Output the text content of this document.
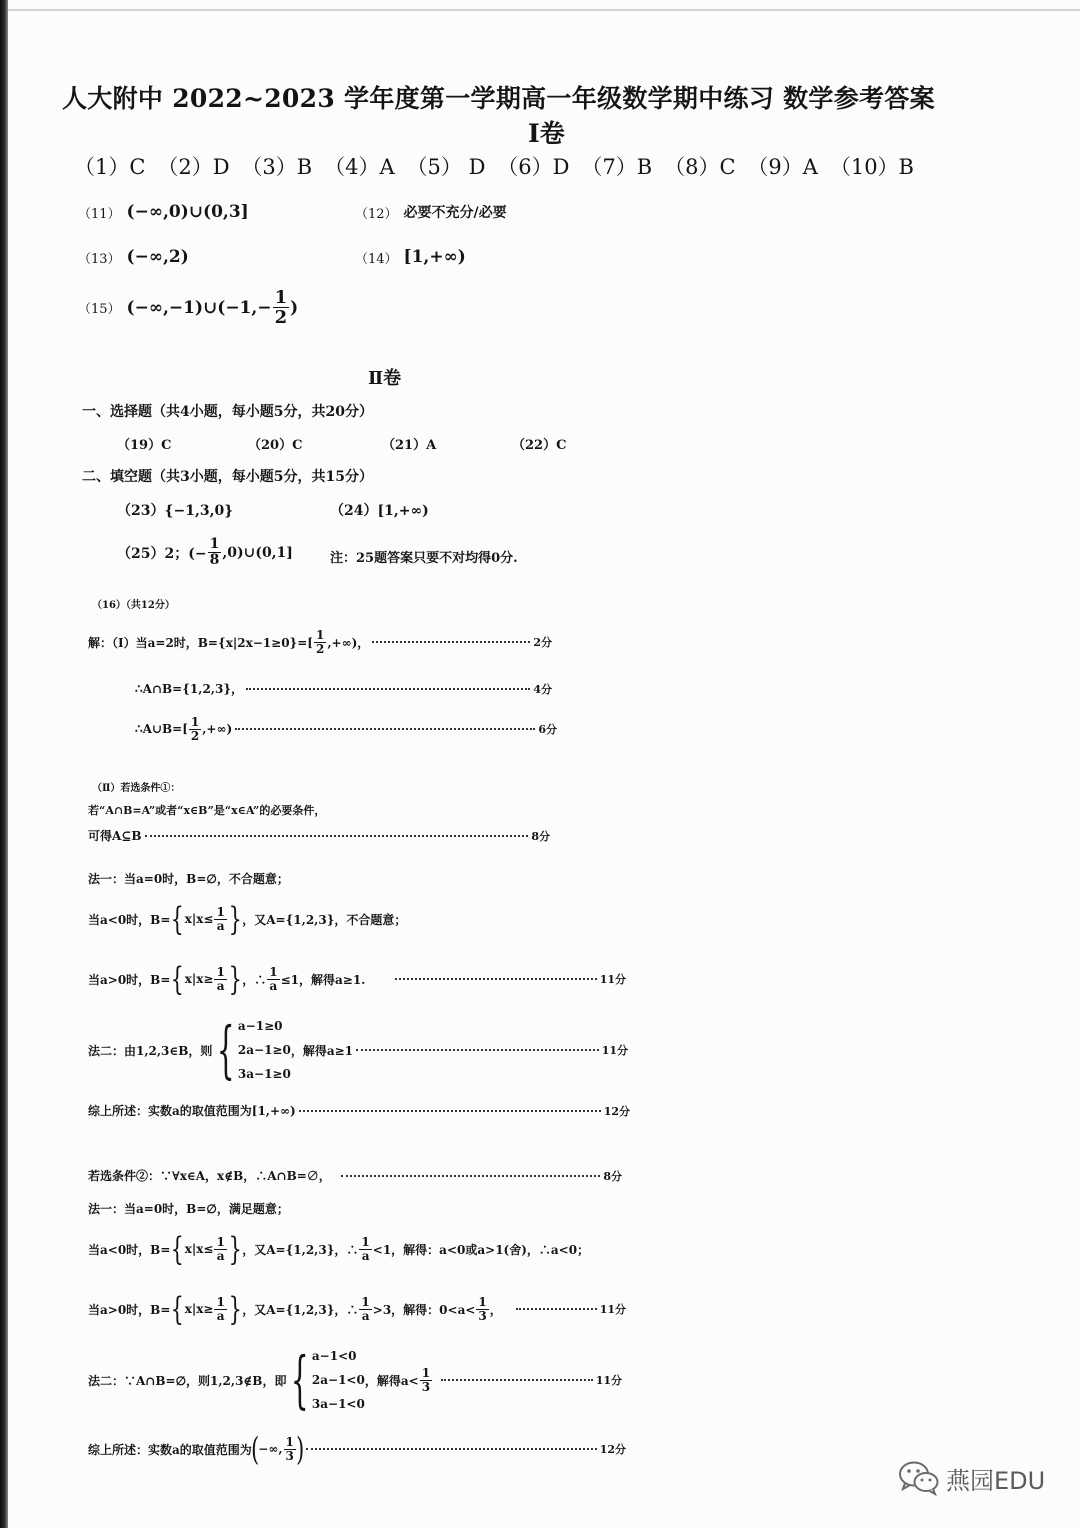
人大附中 2022~2023 学年度第一学期高一年级数学期中练习 数学参考答案
Ⅰ卷
（1）C （2）D （3）B （4）A （5） D （6）D （7）B （8）C （9）A （10）B
（11） (−∞,0)∪(0,3]	（12） 必要不充分/必要
（13） (−∞,2)	（14） [1,+∞)
（15） (−∞,−1)∪(−1,− $\frac{1}{2}$ )
Ⅱ卷
一、选择题（共4小题，每小题5分，共20分）
（19）C	（20）C	（21）A	（22）C
二、填空题（共3小题，每小题5分，共15分）
（23）{−1,3,0}	（24）[1,+∞)
（25） 2；(− $\frac{1}{8}$ ,0)∪(0,1]	注：25题答案只要不对均得0分.
（16）（共12分）
解：（Ⅰ）当a=2时，$B=\{x|2x-1\ge 0\}=[ \frac{1}{2}$ ,+∞)，	2分
∴A∩B={1,2,3}，	4分
∴A∪B=[ $\frac{1}{2}$ ,+∞)	6分
（Ⅱ）若选条件①：
若“A∩B=A”或者“x∈B”是“x∈A”的必要条件，
可得A⊆B	8分
法一：当a=0时，B=∅，不合题意；
当a<0时，B= { $x|x\le \frac{1}{a}$ } ，又A={1,2,3}，不合题意；
当a>0时，B= { $x|x\ge \frac{1}{a}$ } ，∴ $\frac{1}{a} \le 1$，解得a≥1.	11分
法二：由1,2,3∈B，则 { a−1≥0
2a−1≥0
3a−1≥0
，解得a≥1	11分
综上所述：实数a的取值范围为[1,+∞)	12分
若选条件②：∵∀x∈A，x∉B，∴A∩B=∅，	8分
法一：当a=0时，B=∅，满足题意；
当a<0时，B= { $x|x\le \frac{1}{a}$ } ，又A={1,2,3}，∴ $\frac{1}{a} <1$，解得：a<0或a>1(舍)，∴a<0；
当a>0时，B= { $x|x\ge \frac{1}{a}$ } ，又A={1,2,3}，∴ $\frac{1}{a} >3$，解得：$0<a< \frac{1}{3}$ ，	11分
法二：∵A∩B=∅，则1,2,3∉B，即 { a−1<0
2a−1<0
3a−1<0
，解得$a< \frac{1}{3}$	11分
综上所述：实数a的取值范围为 ( −∞, $\frac{1}{3}$ )	12分
燕园EDU
